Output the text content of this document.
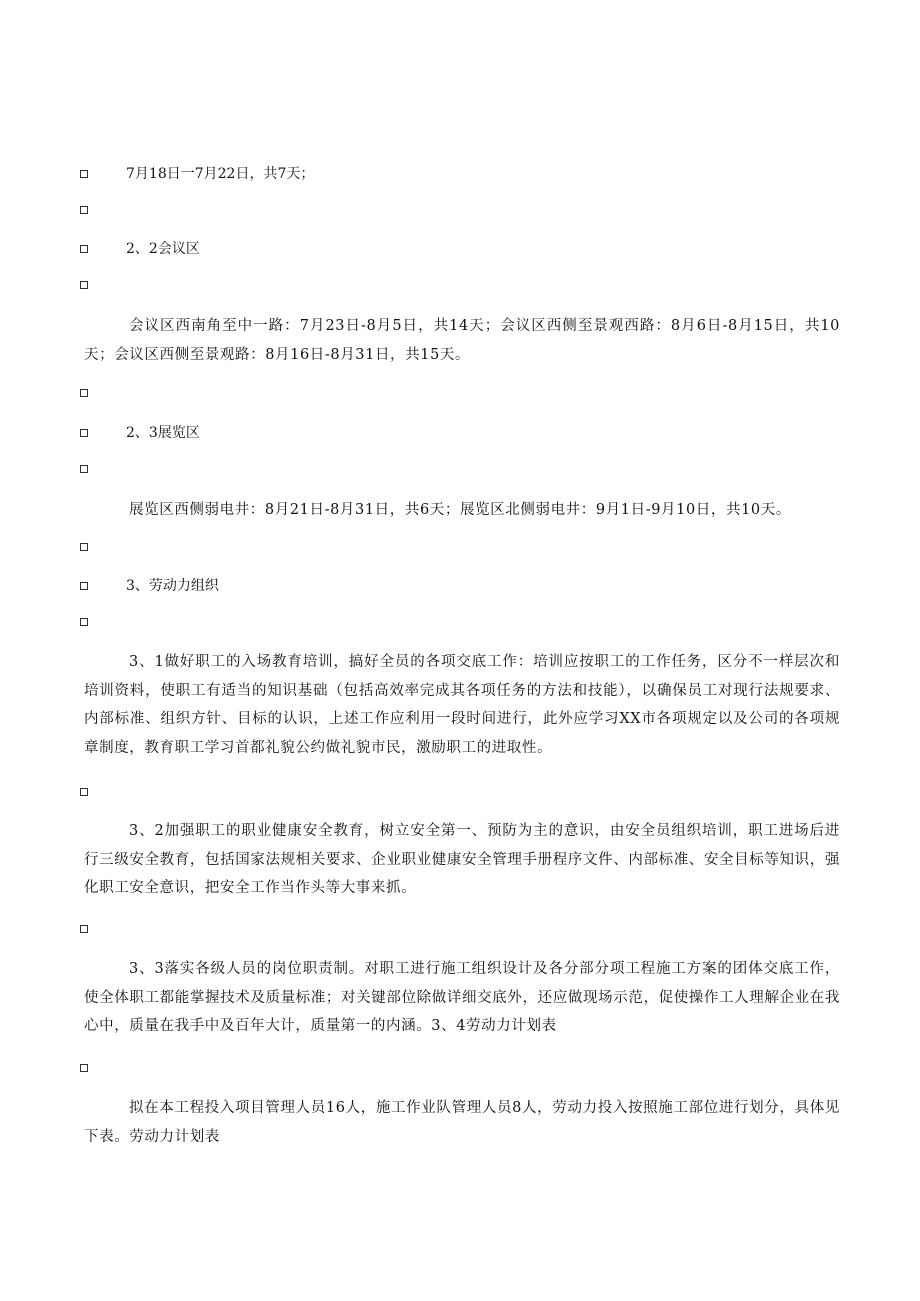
7月18日一7月22日，共7天；
2、2会议区
会议区西南角至中一路：7月23日-8月5日，共14天；会议区西侧至景观西路：8月6日-8月15日，共10天；会议区西侧至景观路：8月16日-8月31日，共15天。
2、3展览区
展览区西侧弱电井：8月21日-8月31日，共6天；展览区北侧弱电井：9月1日-9月10日，共10天。
3、劳动力组织
3、1做好职工的入场教育培训，搞好全员的各项交底工作：培训应按职工的工作任务，区分不一样层次和培训资料，使职工有适当的知识基础（包括高效率完成其各项任务的方法和技能），以确保员工对现行法规要求、内部标准、组织方针、目标的认识，上述工作应利用一段时间进行，此外应学习XX市各项规定以及公司的各项规章制度，教育职工学习首都礼貌公约做礼貌市民，激励职工的进取性。
3、2加强职工的职业健康安全教育，树立安全第一、预防为主的意识，由安全员组织培训，职工进场后进行三级安全教育，包括国家法规相关要求、企业职业健康安全管理手册程序文件、内部标准、安全目标等知识，强化职工安全意识，把安全工作当作头等大事来抓。
3、3落实各级人员的岗位职责制。对职工进行施工组织设计及各分部分项工程施工方案的团体交底工作，使全体职工都能掌握技术及质量标准；对关键部位除做详细交底外，还应做现场示范，促使操作工人理解企业在我心中，质量在我手中及百年大计，质量第一的内涵。3、4劳动力计划表
拟在本工程投入项目管理人员16人，施工作业队管理人员8人，劳动力投入按照施工部位进行划分，具体见下表。劳动力计划表
